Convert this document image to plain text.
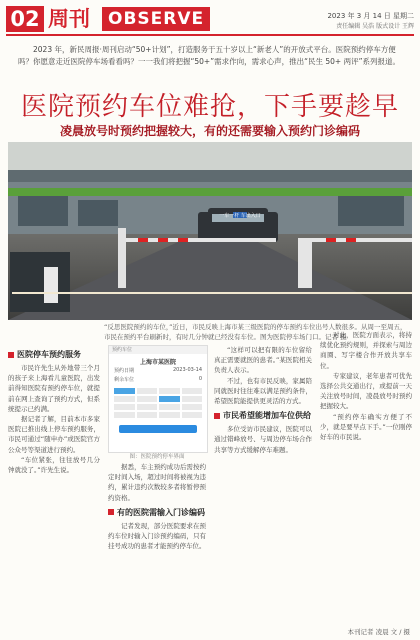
02 周刊	OBSERVE	2023 年 3 月 14 日 星期二
责任编辑 吴浩 版式设计 王辉
2023 年，新民周报·周刊启动“50+计划”，打造服务于五十岁以上“新老人”的开放式平台。医院预约停车方便吗？你愿意走近医院停车场看看吗？一一我们将把握“50+”需求作向，需求心声，推出“民生 50+ 两评”系列报道。
医院预约车位难抢，下手要趁早
凌晨放号时预约把握较大，有的还需要输入预约门诊编码
一车一杆 车出入口
“反思医院预约的车位，”近日，市民反映上海市某三级医院的停车预约车位出号人数很多。从周一至周五，市民在预约平台刷新时，有时几分钟就已经没有车位。图为医院停车场门口。记者 摄
医院停车预约服务

市民许先生从外地带三个月的孩子来上海看儿童医院，出发前得知医院有预约停车位，就提前在网上查询了预约方式，但系统提示已约满。

据记者了解，目前本市多家医院已推出线上停车预约服务，市民可通过“随申办”或医院官方公众号等渠道进行预约。

“车位紧张，往往放号几分钟就没了。”许先生说。

预约车位
上海市某医院
预约日期	2023-03-14
剩余车位	0
图：医院预约停车界面

据悉，车主预约成功后需按约定时间入场，超过时间将被视为违约，累计违约次数较多者将暂停预约资格。

有的医院需输入门诊编码

记者发现，部分医院要求在预约车位时输入门诊预约编码，只有挂号成功的患者才能预约停车位。

“这样可以把有限的车位留给真正需要就医的患者。”某医院相关负责人表示。

不过，也有市民反映，家属陪同就医时往往难以满足预约条件，希望医院能提供更灵活的方式。

市民希望能增加车位供给

多位受访市民建议，医院可以通过错峰放号、与周边停车场合作共享等方式缓解停车难题。

对此，医院方面表示，将持续优化预约规则，并探索与周边商圈、写字楼合作开放共享车位。

专家建议，老年患者可优先选择公共交通出行，或提前一天关注放号时间，凌晨放号时预约把握较大。

“预约停车确实方便了不少，就是要早点下手。”一位刚停好车的市民说。

本刊记者 凌晨 文 / 摄
